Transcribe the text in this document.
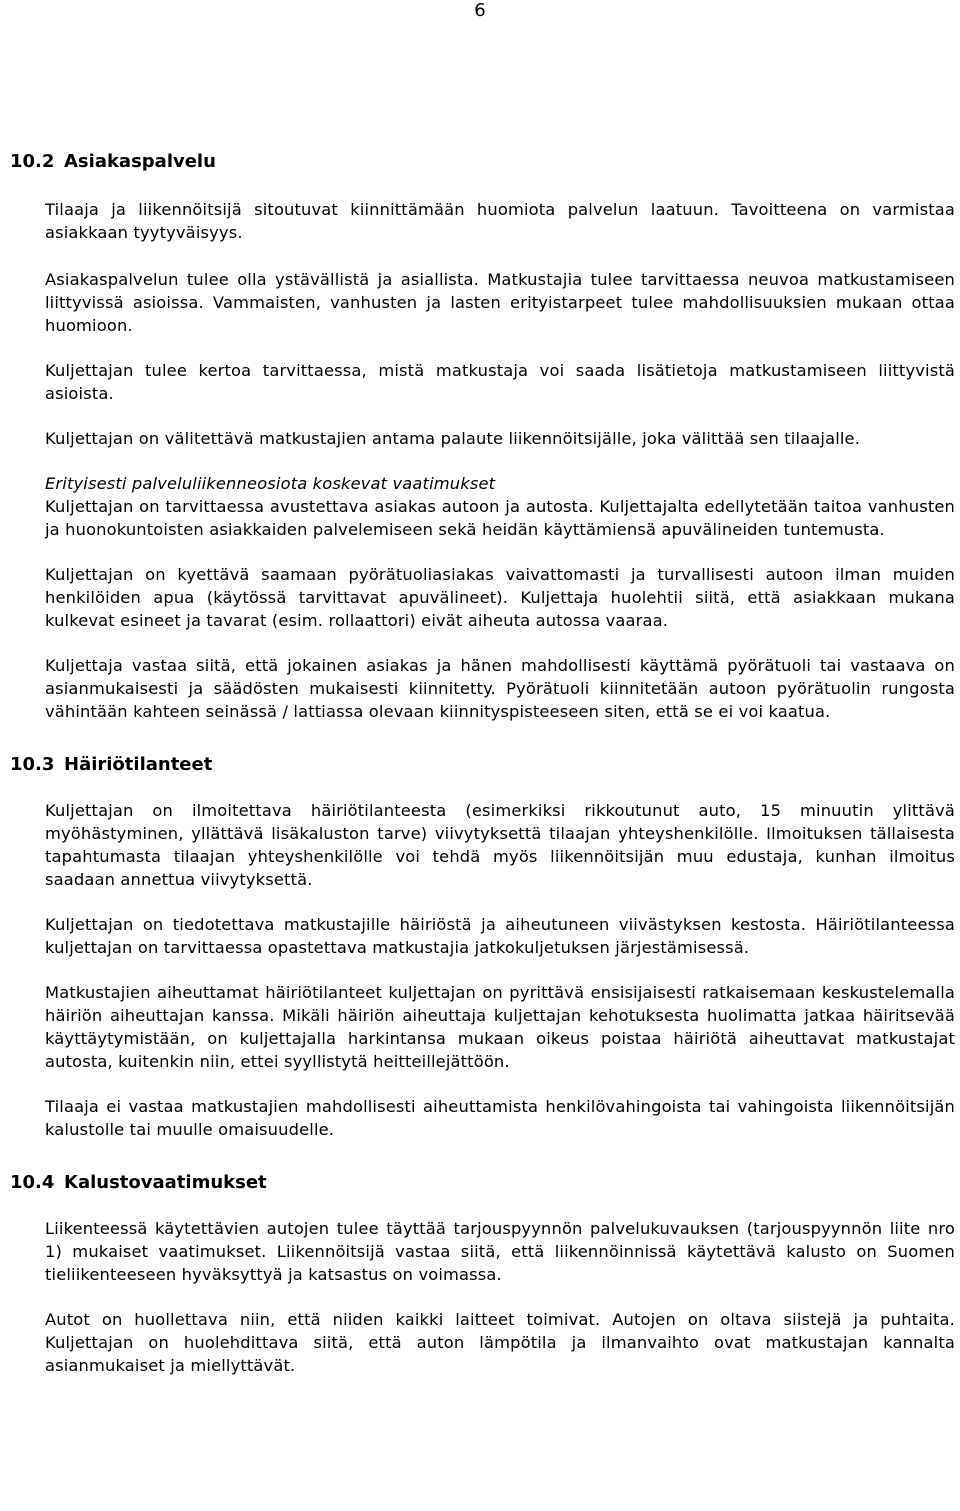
6
10.2 Asiakaspalvelu

Tilaaja ja liikennöitsijä sitoutuvat kiinnittämään huomiota palvelun laatuun. Tavoitteena on varmistaa asiakkaan tyytyväisyys.

Asiakaspalvelun tulee olla ystävällistä ja asiallista. Matkustajia tulee tarvittaessa neuvoa matkustamiseen liittyvissä asioissa. Vammaisten, vanhusten ja lasten erityistarpeet tulee mahdollisuuksien mukaan ottaa huomioon.

Kuljettajan tulee kertoa tarvittaessa, mistä matkustaja voi saada lisätietoja matkustamiseen liittyvistä asioista.

Kuljettajan on välitettävä matkustajien antama palaute liikennöitsijälle, joka välittää sen tilaajalle.

Erityisesti palveluliikenneosiota koskevat vaatimukset

Kuljettajan on tarvittaessa avustettava asiakas autoon ja autosta. Kuljettajalta edellytetään taitoa vanhusten ja huonokuntoisten asiakkaiden palvelemiseen sekä heidän käyttämiensä apuvälineiden tuntemusta.

Kuljettajan on kyettävä saamaan pyörätuoliasiakas vaivattomasti ja turvallisesti autoon ilman muiden henkilöiden apua (käytössä tarvittavat apuvälineet). Kuljettaja huolehtii siitä, että asiakkaan mukana kulkevat esineet ja tavarat (esim. rollaattori) eivät aiheuta autossa vaaraa.

Kuljettaja vastaa siitä, että jokainen asiakas ja hänen mahdollisesti käyttämä pyörätuoli tai vastaava on asianmukaisesti ja säädösten mukaisesti kiinnitetty. Pyörätuoli kiinnitetään autoon pyörätuolin rungosta vähintään kahteen seinässä / lattiassa olevaan kiinnityspisteeseen siten, että se ei voi kaatua.

10.3 Häiriötilanteet

Kuljettajan on ilmoitettava häiriötilanteesta (esimerkiksi rikkoutunut auto, 15 minuutin ylittävä myöhästyminen, yllättävä lisäkaluston tarve) viivytyksettä tilaajan yhteyshenkilölle. Ilmoituksen tällaisesta tapahtumasta tilaajan yhteyshenkilölle voi tehdä myös liikennöitsijän muu edustaja, kunhan ilmoitus saadaan annettua viivytyksettä.

Kuljettajan on tiedotettava matkustajille häiriöstä ja aiheutuneen viivästyksen kestosta. Häiriötilanteessa kuljettajan on tarvittaessa opastettava matkustajia jatkokuljetuksen järjestämisessä.

Matkustajien aiheuttamat häiriötilanteet kuljettajan on pyrittävä ensisijaisesti ratkaisemaan keskustelemalla häiriön aiheuttajan kanssa. Mikäli häiriön aiheuttaja kuljettajan kehotuksesta huolimatta jatkaa häiritsevää käyttäytymistään, on kuljettajalla harkintansa mukaan oikeus poistaa häiriötä aiheuttavat matkustajat autosta, kuitenkin niin, ettei syyllistytä heitteillejättöön.

Tilaaja ei vastaa matkustajien mahdollisesti aiheuttamista henkilövahingoista tai vahingoista liikennöitsijän kalustolle tai muulle omaisuudelle.

10.4 Kalustovaatimukset

Liikenteessä käytettävien autojen tulee täyttää tarjouspyynnön palvelukuvauksen (tarjouspyynnön liite nro 1) mukaiset vaatimukset. Liikennöitsijä vastaa siitä, että liikennöinnissä käytettävä kalusto on Suomen tieliikenteeseen hyväksyttyä ja katsastus on voimassa.

Autot on huollettava niin, että niiden kaikki laitteet toimivat. Autojen on oltava siistejä ja puhtaita. Kuljettajan on huolehdittava siitä, että auton lämpötila ja ilmanvaihto ovat matkustajan kannalta asianmukaiset ja miellyttävät.
